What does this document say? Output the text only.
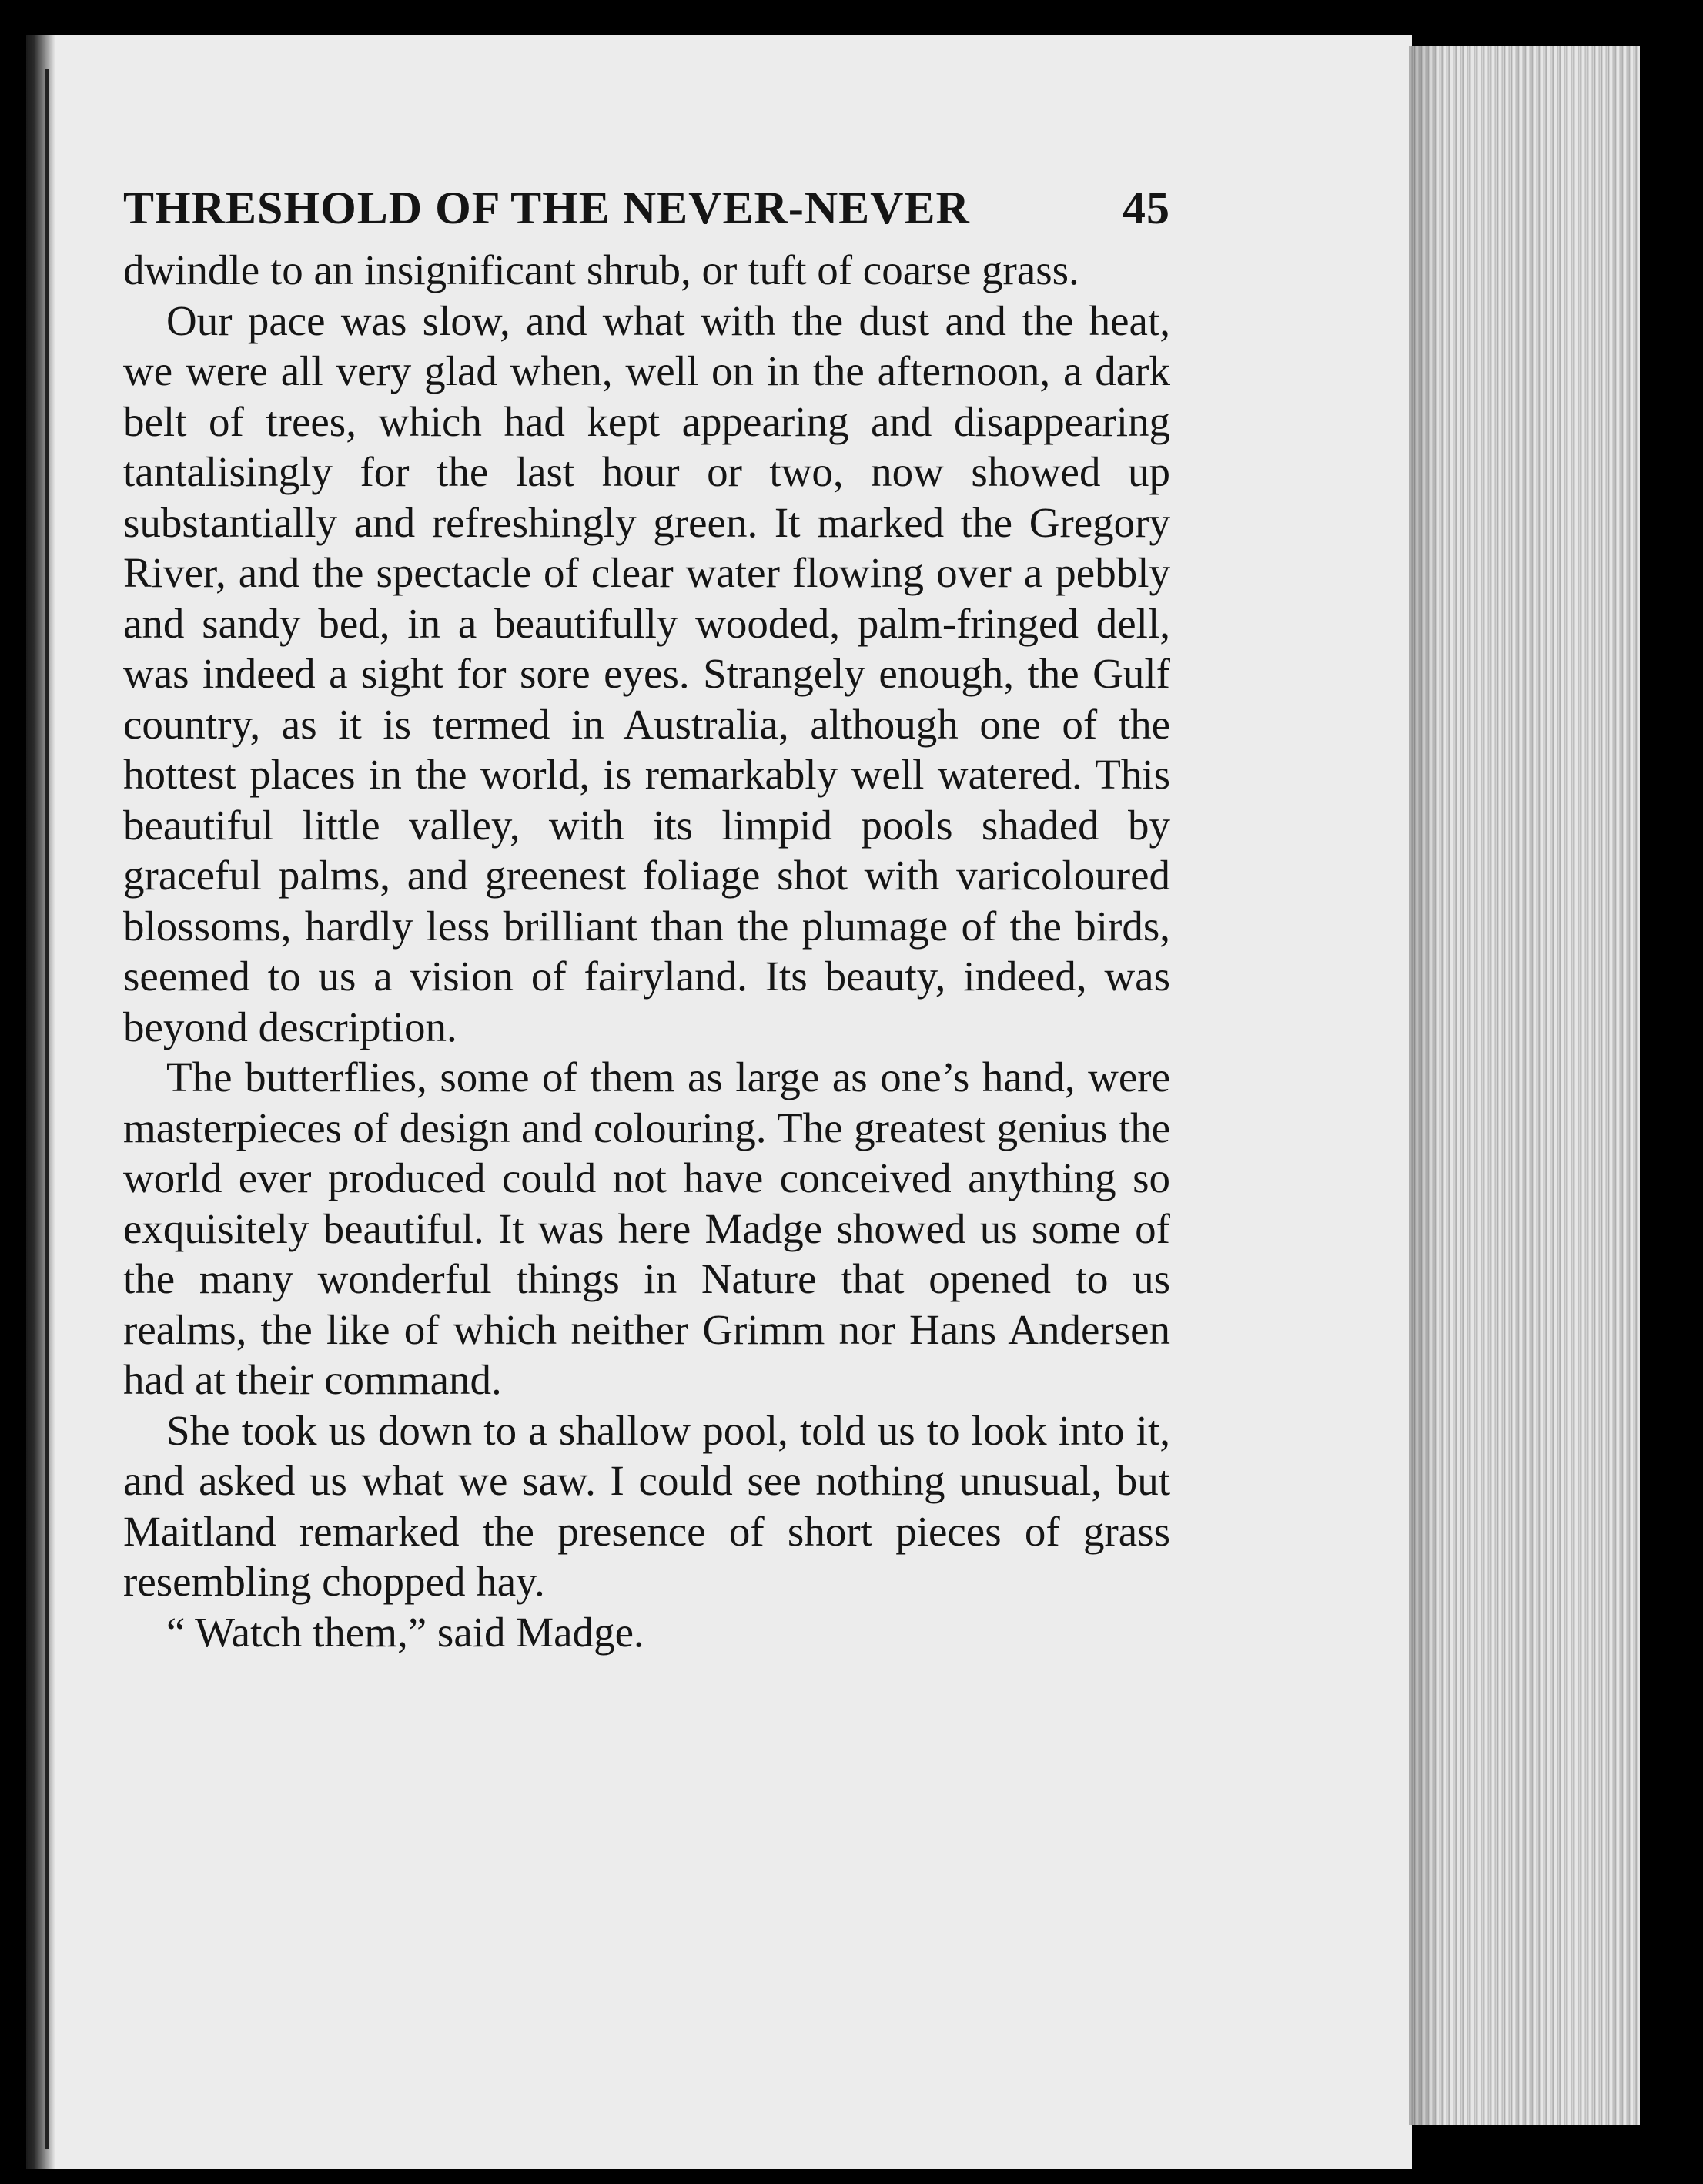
THRESHOLD OF THE NEVER-NEVER	45

dwindle to an insignificant shrub, or tuft of coarse grass.

Our pace was slow, and what with the dust and the heat, we were all very glad when, well on in the afternoon, a dark belt of trees, which had kept appearing and disappearing tantalisingly for the last hour or two, now showed up substantially and refreshingly green. It marked the Gregory River, and the spectacle of clear water flowing over a pebbly and sandy bed, in a beautifully wooded, palm-fringed dell, was indeed a sight for sore eyes. Strangely enough, the Gulf country, as it is termed in Australia, although one of the hottest places in the world, is remarkably well watered. This beautiful little valley, with its limpid pools shaded by graceful palms, and greenest foliage shot with varicoloured blossoms, hardly less brilliant than the plumage of the birds, seemed to us a vision of fairyland. Its beauty, indeed, was beyond description.

The butterflies, some of them as large as one’s hand, were masterpieces of design and colouring. The greatest genius the world ever produced could not have conceived anything so exquisitely beautiful. It was here Madge showed us some of the many wonderful things in Nature that opened to us realms, the like of which neither Grimm nor Hans Andersen had at their command.

She took us down to a shallow pool, told us to look into it, and asked us what we saw. I could see nothing unusual, but Maitland remarked the presence of short pieces of grass resembling chopped hay.

“ Watch them,” said Madge.
